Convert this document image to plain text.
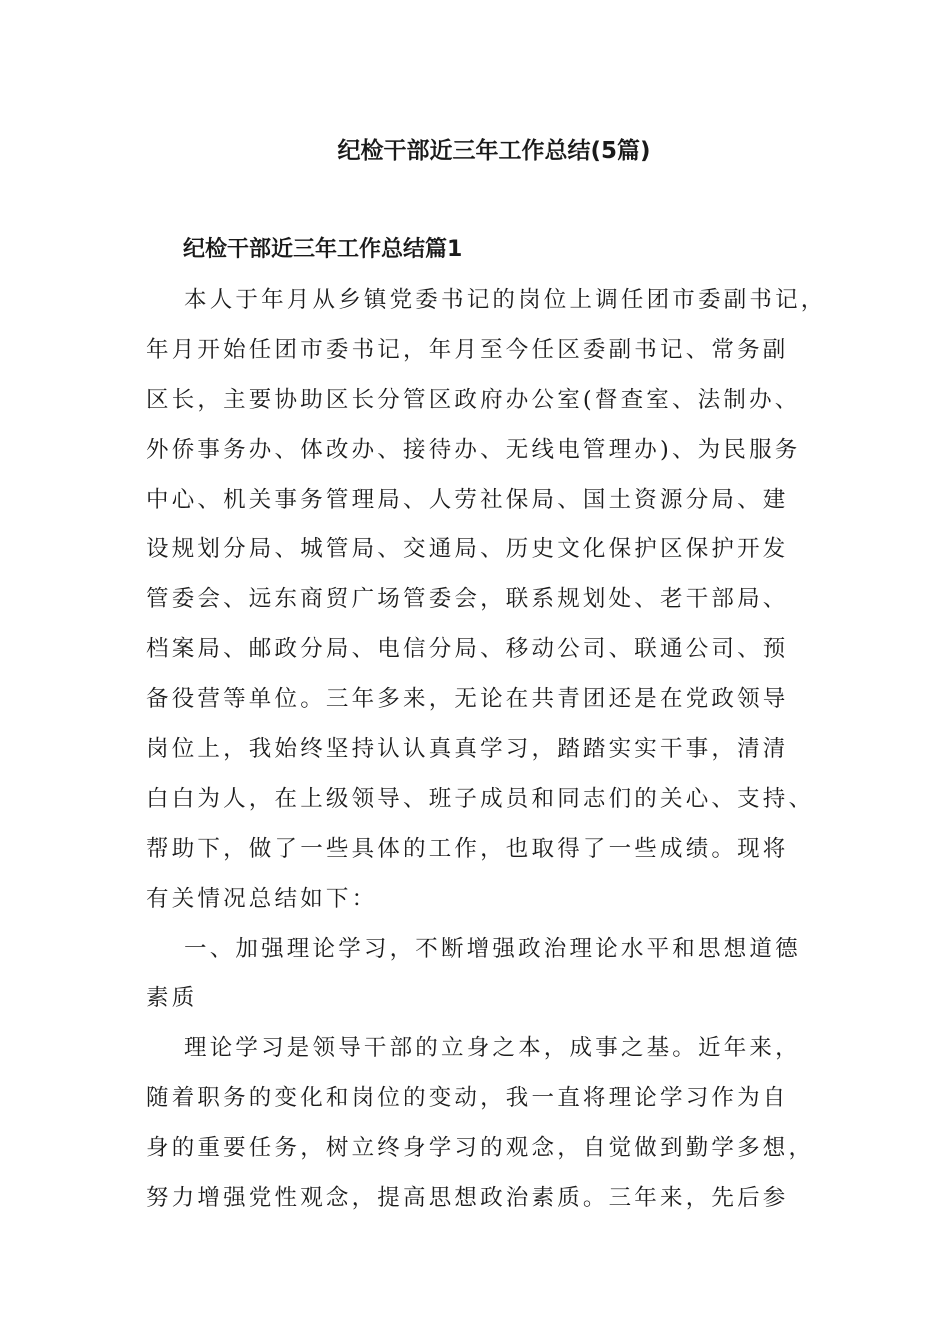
纪检干部近三年工作总结(5篇)
纪检干部近三年工作总结篇1
本人于年月从乡镇党委书记的岗位上调任团市委副书记，
年月开始任团市委书记，年月至今任区委副书记、常务副
区长，主要协助区长分管区政府办公室(督查室、法制办、
外侨事务办、体改办、接待办、无线电管理办)、为民服务
中心、机关事务管理局、人劳社保局、国土资源分局、建
设规划分局、城管局、交通局、历史文化保护区保护开发
管委会、远东商贸广场管委会，联系规划处、老干部局、
档案局、邮政分局、电信分局、移动公司、联通公司、预
备役营等单位。三年多来，无论在共青团还是在党政领导
岗位上，我始终坚持认认真真学习，踏踏实实干事，清清
白白为人，在上级领导、班子成员和同志们的关心、支持、
帮助下，做了一些具体的工作，也取得了一些成绩。现将
有关情况总结如下：
一、加强理论学习，不断增强政治理论水平和思想道德
素质
理论学习是领导干部的立身之本，成事之基。近年来，
随着职务的变化和岗位的变动，我一直将理论学习作为自
身的重要任务，树立终身学习的观念，自觉做到勤学多想，
努力增强党性观念，提高思想政治素质。三年来，先后参
